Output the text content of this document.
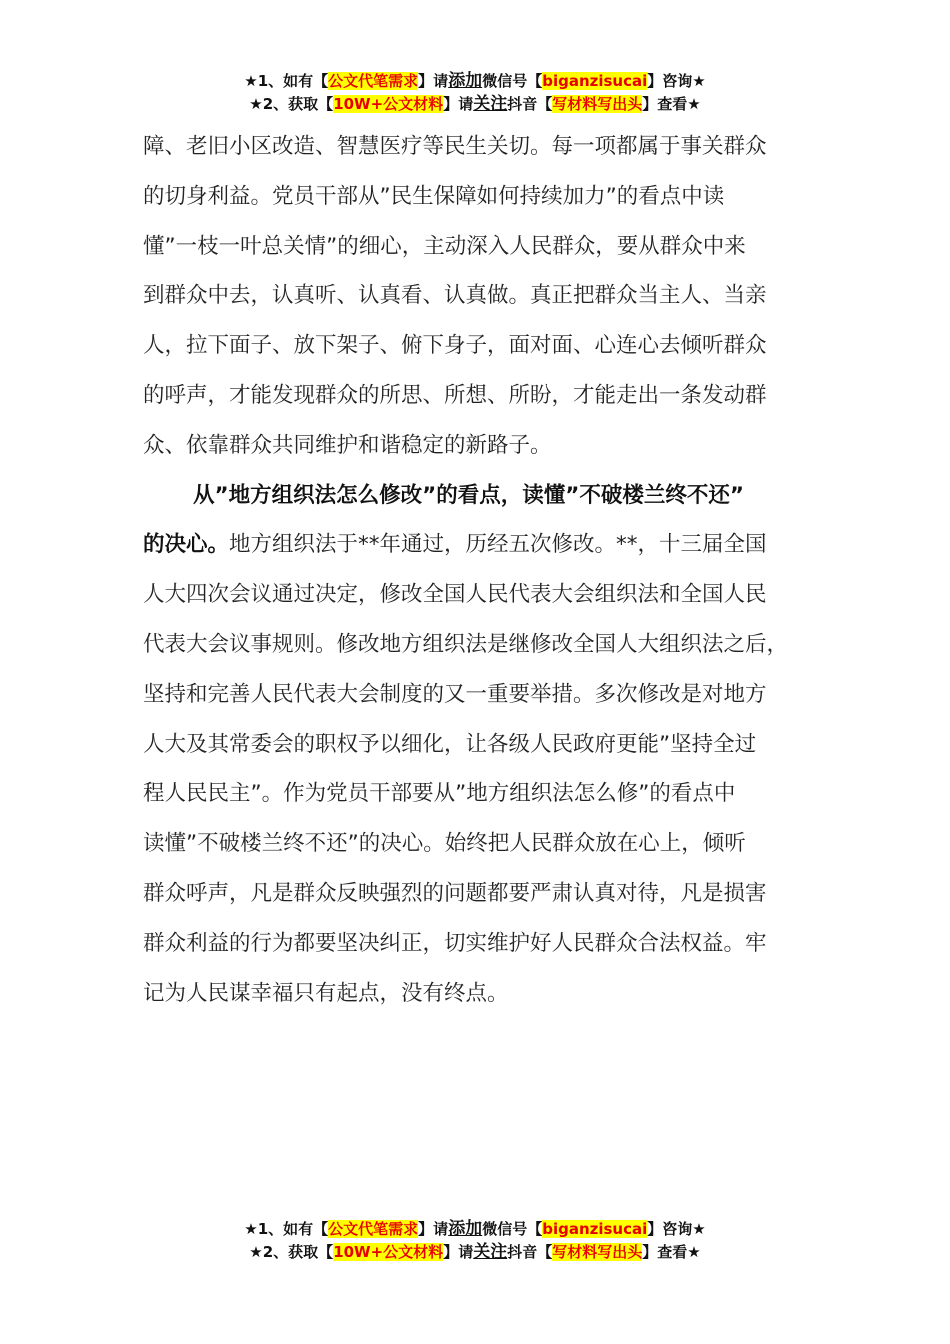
★1、如有【公文代笔需求】请添加微信号【biganzisucai】咨询★
★2、获取【10W+公文材料】请关注抖音【写材料写出头】查看★

障、老旧小区改造、智慧医疗等民生关切。每一项都属于事关群众
的切身利益。党员干部从”民生保障如何持续加力”的看点中读
懂”一枝一叶总关情”的细心，主动深入人民群众，要从群众中来
到群众中去，认真听、认真看、认真做。真正把群众当主人、当亲
人，拉下面子、放下架子、俯下身子，面对面、心连心去倾听群众
的呼声，才能发现群众的所思、所想、所盼，才能走出一条发动群
众、依靠群众共同维护和谐稳定的新路子。

从”地方组织法怎么修改”的看点，读懂”不破楼兰终不还”
的决心。地方组织法于**年通过，历经五次修改。**，十三届全国
人大四次会议通过决定，修改全国人民代表大会组织法和全国人民
代表大会议事规则。修改地方组织法是继修改全国人大组织法之后，
坚持和完善人民代表大会制度的又一重要举措。多次修改是对地方
人大及其常委会的职权予以细化，让各级人民政府更能”坚持全过
程人民民主”。作为党员干部要从”地方组织法怎么修”的看点中
读懂”不破楼兰终不还”的决心。始终把人民群众放在心上，倾听
群众呼声，凡是群众反映强烈的问题都要严肃认真对待，凡是损害
群众利益的行为都要坚决纠正，切实维护好人民群众合法权益。牢
记为人民谋幸福只有起点，没有终点。

★1、如有【公文代笔需求】请添加微信号【biganzisucai】咨询★
★2、获取【10W+公文材料】请关注抖音【写材料写出头】查看★
